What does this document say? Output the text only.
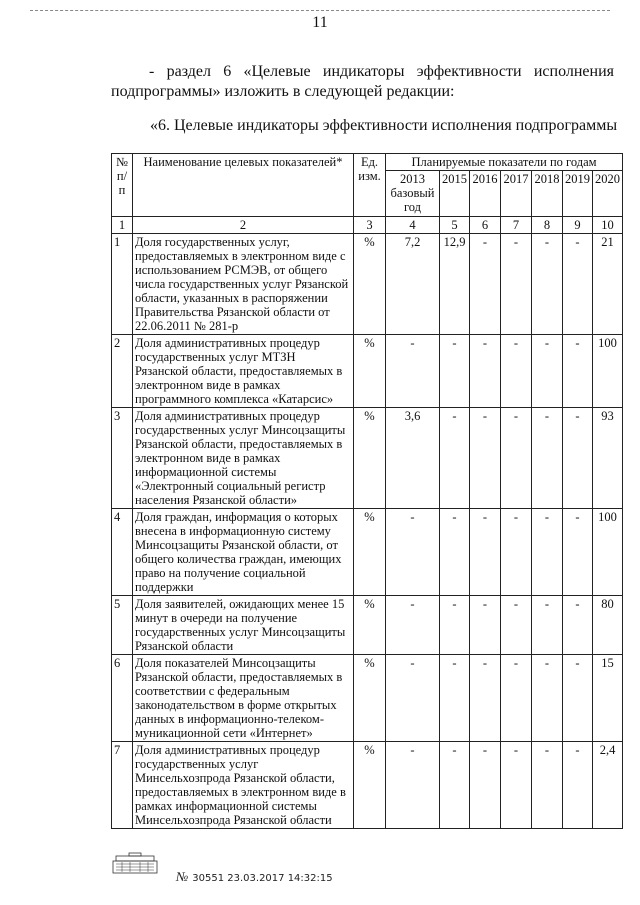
11
- раздел 6 «Целевые индикаторы эффективности исполнения
подпрограммы» изложить в следующей редакции:
«6. Целевые индикаторы эффективности исполнения подпрограммы
№ п/п	Наименование целевых показателей*	Ед. изм.	Планируемые показатели по годам						
			2013 базовый год	2015	2016	2017	2018	2019	2020
1	2	3	4	5	6	7	8	9	10
1	Доля государственных услуг, предоставляемых в электронном виде с использованием РСМЭВ, от общего числа государственных услуг Рязанской области, указанных в распоряжении Правительства Рязанской области от 22.06.2011 № 281-р	%	7,2	12,9	-	-	-	-	21
2	Доля административных процедур государственных услуг МТЗН Рязанской области, предоставляемых в электронном виде в рамках программного комплекса «Катарсис»	%	-	-	-	-	-	-	100
3	Доля административных процедур государственных услуг Минсоцзащиты Рязанской области, предоставляемых в электронном виде в рамках информационной системы «Электронный социальный регистр населения Рязанской области»	%	3,6	-	-	-	-	-	93
4	Доля граждан, информация о которых внесена в информационную систему Минсоцзащиты Рязанской области, от общего количества граждан, имеющих право на получение социальной поддержки	%	-	-	-	-	-	-	100
5	Доля заявителей, ожидающих менее 15 минут в очереди на получение государственных услуг Минсоцзащиты Рязанской области	%	-	-	-	-	-	-	80
6	Доля показателей Минсоцзащиты Рязанской области, предоставляемых в соответствии с федеральным законодательством в форме открытых данных в информационно-телеком-муникационной сети «Интернет»	%	-	-	-	-	-	-	15
7	Доля административных процедур государственных услуг Минсельхозпрода Рязанской области, предоставляемых в электронном виде в рамках информационной системы Минсельхозпрода Рязанской области	%	-	-	-	-	-	-	2,4
№ 30551 23.03.2017 14:32:15
